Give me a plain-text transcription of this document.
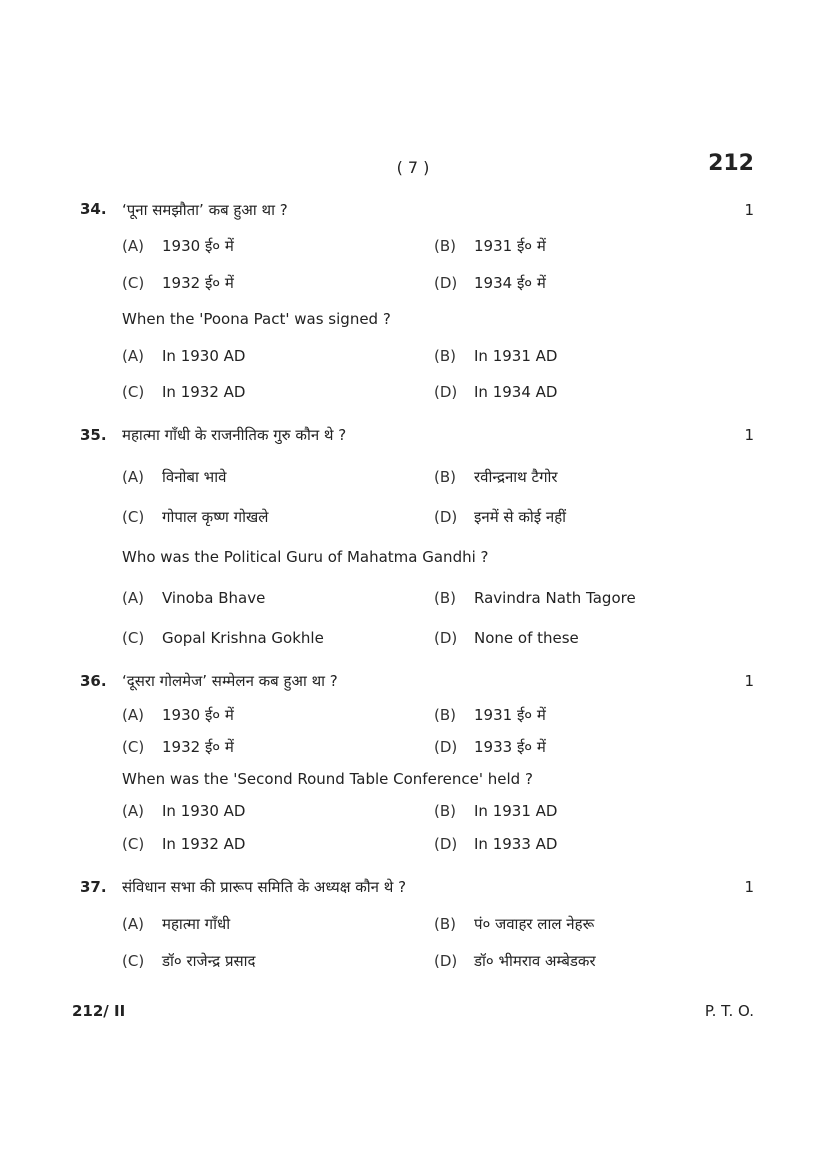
( 7 )	212
34. ‘पूना समझौता’ कब हुआ था ?	1
(A) 1930 ई० में	(B) 1931 ई० में
(C) 1932 ई० में	(D) 1934 ई० में
When the 'Poona Pact' was signed ?
(A) In 1930 AD	(B) In 1931 AD
(C) In 1932 AD	(D) In 1934 AD
35. महात्मा गाँधी के राजनीतिक गुरु कौन थे ?	1
(A) विनोबा भावे	(B) रवीन्द्रनाथ टैगोर
(C) गोपाल कृष्ण गोखले	(D) इनमें से कोई नहीं
Who was the Political Guru of Mahatma Gandhi ?
(A) Vinoba Bhave	(B) Ravindra Nath Tagore
(C) Gopal Krishna Gokhle	(D) None of these
36. ‘दूसरा गोलमेज’ सम्मेलन कब हुआ था ?	1
(A) 1930 ई० में	(B) 1931 ई० में
(C) 1932 ई० में	(D) 1933 ई० में
When was the 'Second Round Table Conference' held ?
(A) In 1930 AD	(B) In 1931 AD
(C) In 1932 AD	(D) In 1933 AD
37. संविधान सभा की प्रारूप समिति के अध्यक्ष कौन थे ?	1
(A) महात्मा गाँधी	(B) पं० जवाहर लाल नेहरू
(C) डॉ० राजेन्द्र प्रसाद	(D) डॉ० भीमराव अम्बेडकर
212/ II	P. T. O.
